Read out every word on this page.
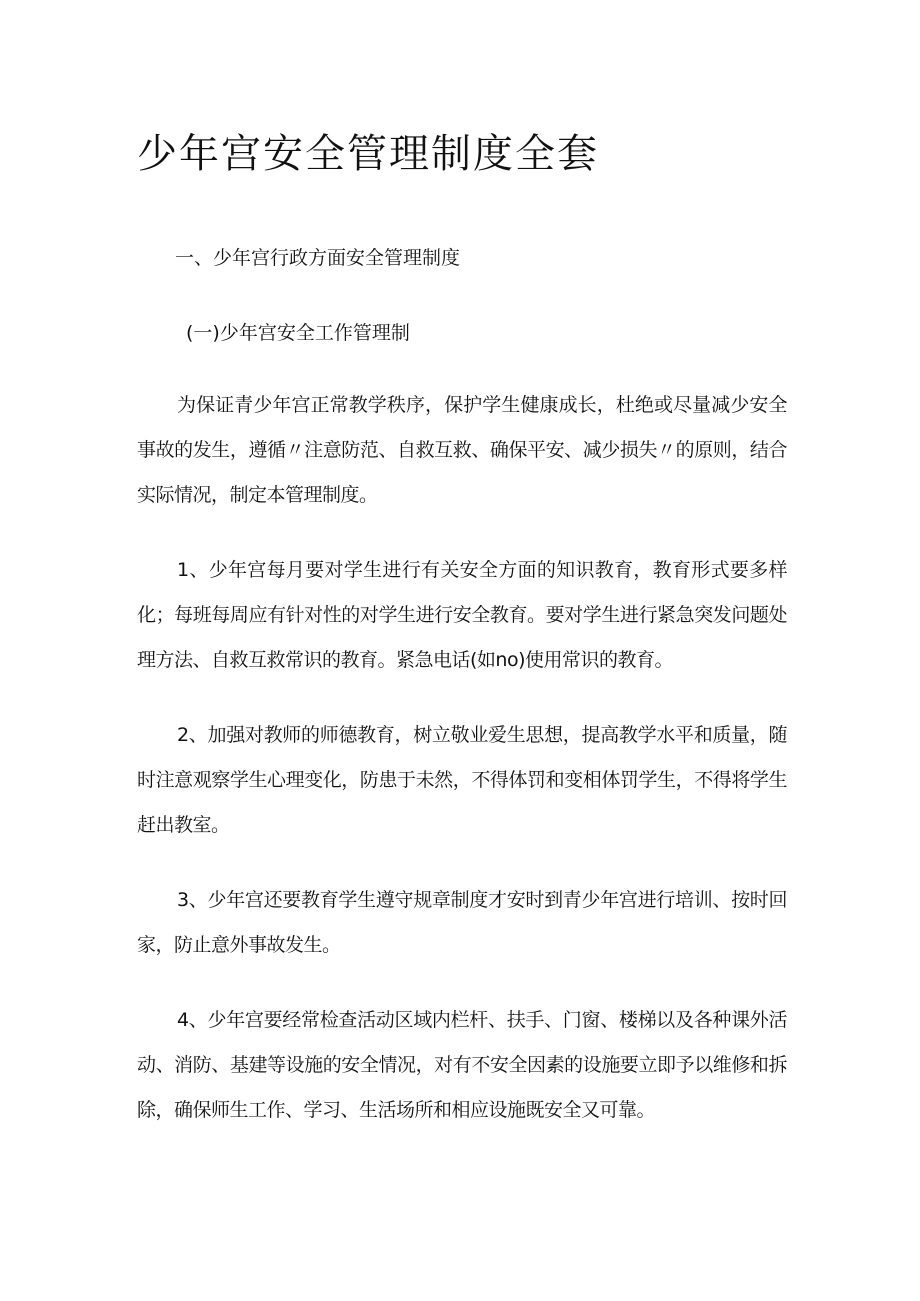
少年宫安全管理制度全套
一、少年宫行政方面安全管理制度
(一)少年宫安全工作管理制

为保证青少年宫正常教学秩序，保护学生健康成长，杜绝或尽量减少安全事故的发生，遵循〃注意防范、自救互救、确保平安、减少损失〃的原则，结合实际情况，制定本管理制度。

1、少年宫每月要对学生进行有关安全方面的知识教育，教育形式要多样化；每班每周应有针对性的对学生进行安全教育。要对学生进行紧急突发问题处理方法、自救互救常识的教育。紧急电话(如no)使用常识的教育。

2、加强对教师的师德教育，树立敬业爱生思想，提高教学水平和质量，随时注意观察学生心理变化，防患于未然，不得体罚和变相体罚学生，不得将学生赶出教室。

3、少年宫还要教育学生遵守规章制度才安时到青少年宫进行培训、按时回家，防止意外事故发生。

4、少年宫要经常检查活动区域内栏杆、扶手、门窗、楼梯以及各种课外活动、消防、基建等设施的安全情况，对有不安全因素的设施要立即予以维修和拆除，确保师生工作、学习、生活场所和相应设施既安全又可靠。
